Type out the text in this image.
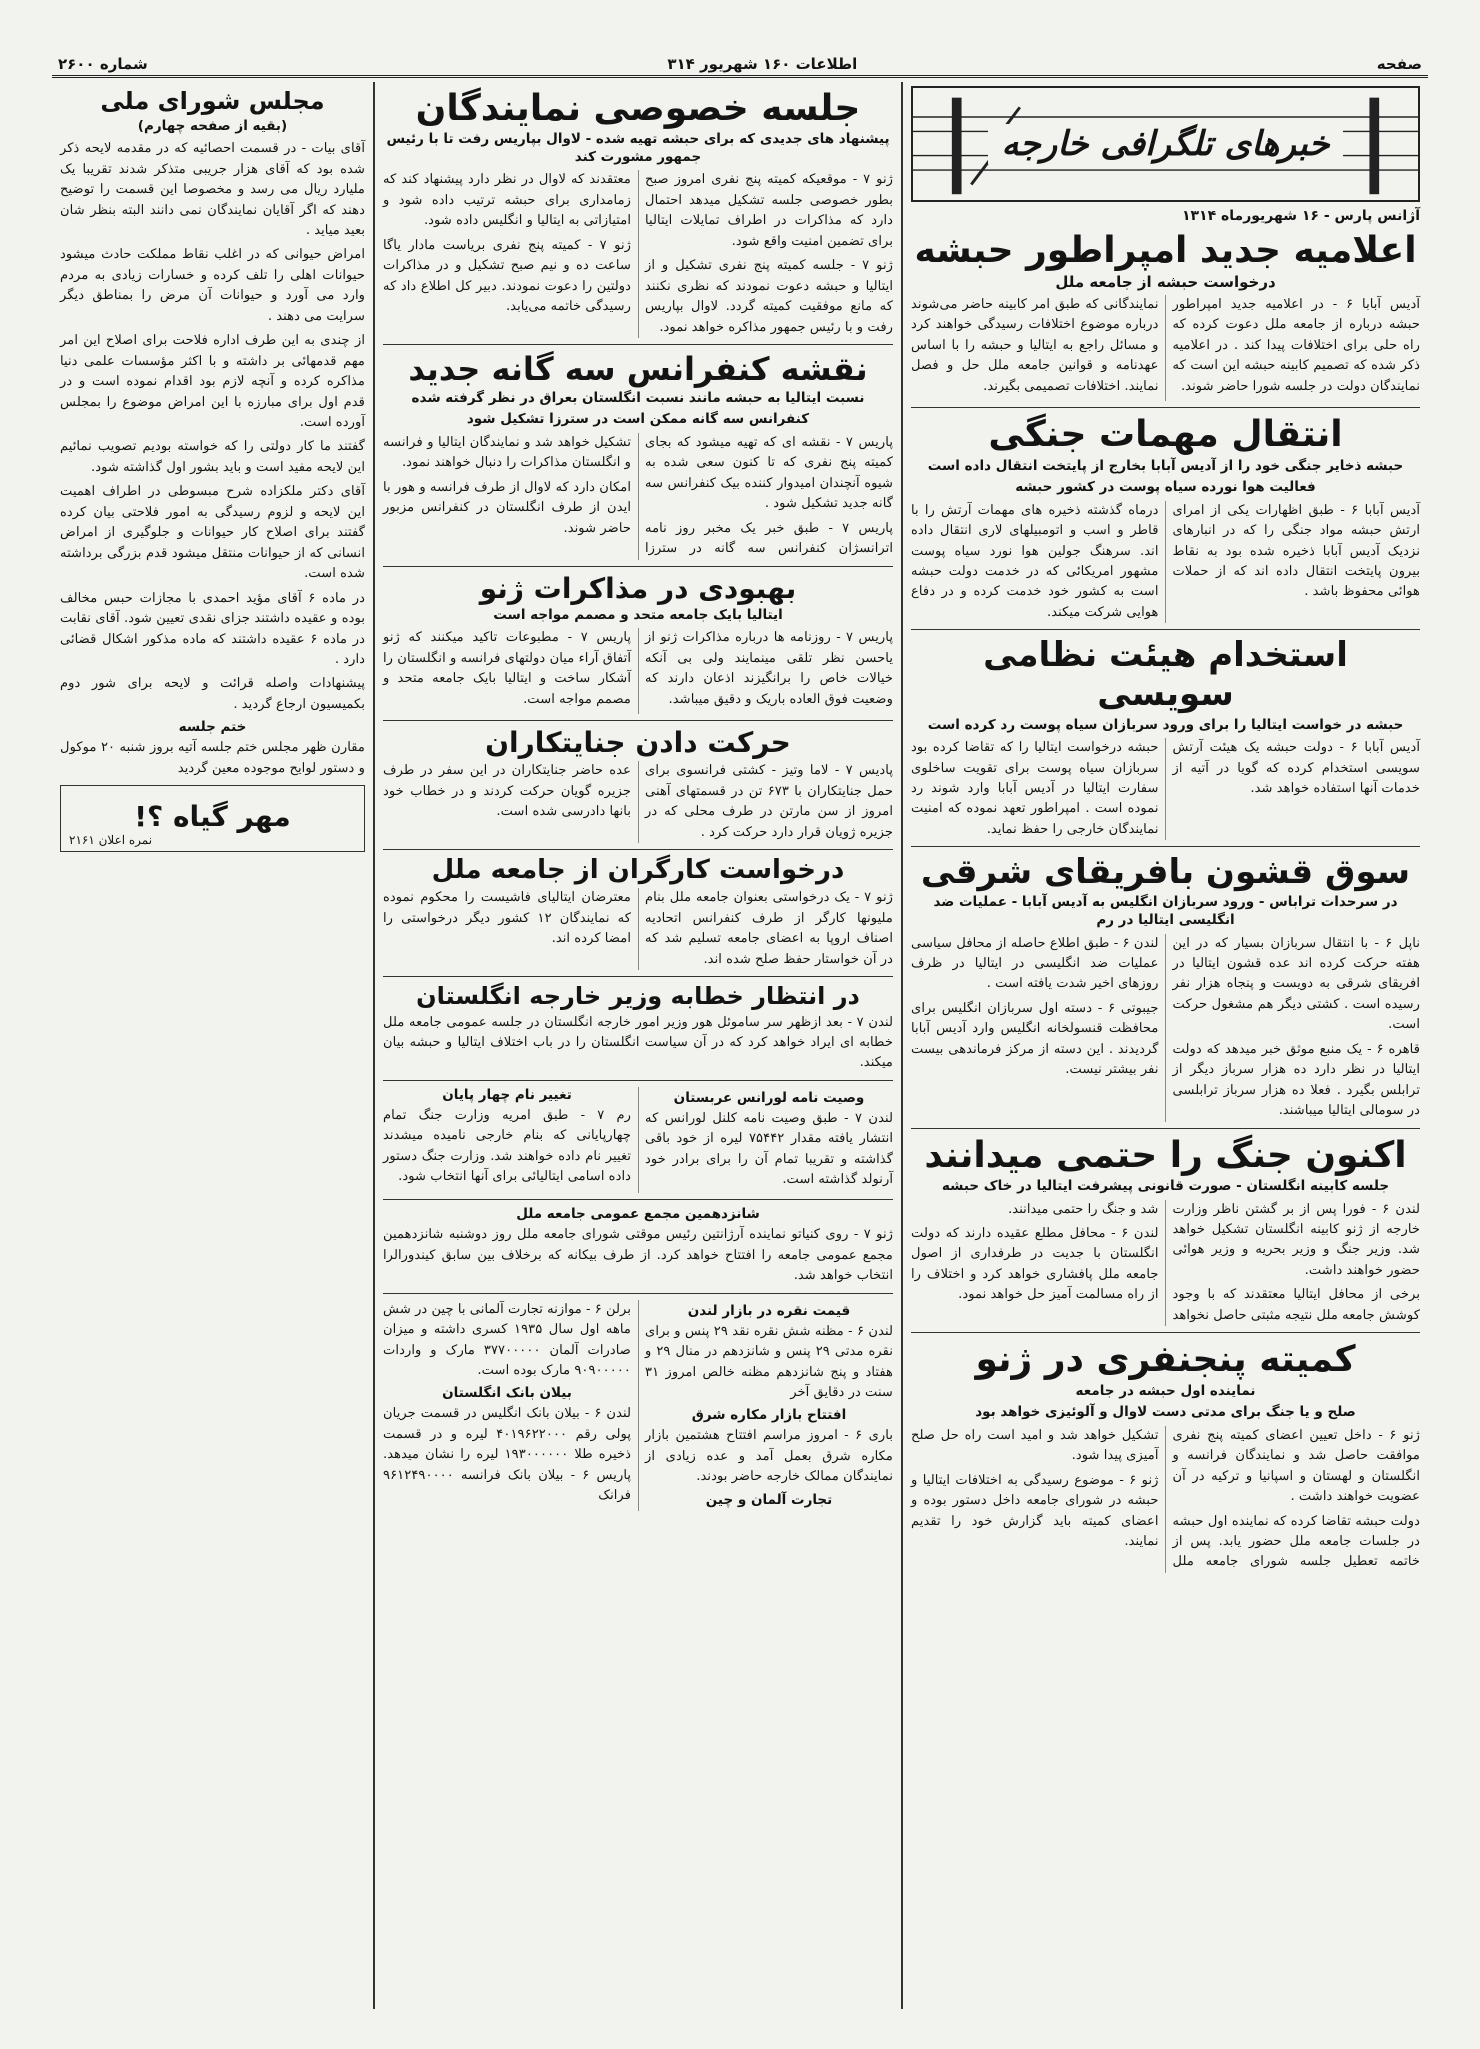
صفحه
اطلاعات ۱۶۰ شهریور ۳۱۴
شماره ۲۶۰۰
خبرهای تلگرافی خارجه
آژانس پارس - ۱۶ شهریورماه ۱۳۱۴
اعلامیه جدید امپراطور حبشه
درخواست حبشه از جامعه ملل

آدیس آبابا ۶ - در اعلامیه جدید امپراطور حبشه درباره از جامعه ملل دعوت کرده که راه حلی برای اختلافات پیدا کند . در اعلامیه ذکر شده که تصمیم کابینه حبشه این است که نمایندگان دولت در جلسه شورا حاضر شوند.

نمایندگانی که طبق امر کابینه حاضر می‌شوند درباره موضوع اختلافات رسیدگی خواهند کرد و مسائل راجع به ایتالیا و حبشه را با اساس عهدنامه و قوانین جامعه ملل حل و فصل نمایند. اختلافات تصمیمی بگیرند.

انتقال مهمات جنگی
حبشه ذخایر جنگی خود را از آدیس آبابا بخارج از پایتخت انتقال داده است
فعالیت هوا نورده سیاه پوست در کشور حبشه

آدیس آبابا ۶ - طبق اظهارات یکی از امرای ارتش حبشه مواد جنگی را که در انبارهای نزدیک آدیس آبابا ذخیره شده بود به نقاط بیرون پایتخت انتقال داده اند که از حملات هوائی محفوظ باشد .

درماه گذشته ذخیره های مهمات آرتش را با قاطر و اسب و اتومبیلهای لاری انتقال داده اند. سرهنگ جولین هوا نورد سیاه پوست مشهور امریکائی که در خدمت دولت حبشه است به کشور خود خدمت کرده و در دفاع هوایی شرکت میکند.

استخدام هیئت نظامی سویسی
حبشه در خواست ایتالیا را برای ورود سربازان سیاه پوست رد کرده است

آدیس آبابا ۶ - دولت حبشه یک هیئت آرتش سویسی استخدام کرده که گویا در آتیه از خدمات آنها استفاده خواهد شد.

حبشه درخواست ایتالیا را که تقاضا کرده بود سربازان سیاه پوست برای تقویت ساخلوی سفارت ایتالیا در آدیس آبابا وارد شوند رد نموده است . امپراطور تعهد نموده که امنیت نمایندگان خارجی را حفظ نماید.

سوق قشون بافریقای شرقی
در سرحدات تراباس - ورود سربازان انگلیس به آدیس آبابا - عملیات ضد انگلیسی ایتالیا در رم

ناپل ۶ - با انتقال سربازان بسیار که در این هفته حرکت کرده اند عده قشون ایتالیا در افریقای شرقی به دویست و پنجاه هزار نفر رسیده است . کشتی دیگر هم مشغول حرکت است.

قاهره ۶ - یک منبع موثق خبر میدهد که دولت ایتالیا در نظر دارد ده هزار سرباز دیگر از ترابلس بگیرد . فعلا ده هزار سرباز ترابلسی در سومالی ایتالیا میباشند.

لندن ۶ - طبق اطلاع حاصله از محافل سیاسی عملیات ضد انگلیسی در ایتالیا در ظرف روزهای اخیر شدت یافته است .

جیبوتی ۶ - دسته اول سربازان انگلیس برای محافظت قنسولخانه انگلیس وارد آدیس آبابا گردیدند . این دسته از مرکز فرماندهی بیست نفر بیشتر نیست.

اکنون جنگ را حتمی میدانند
جلسه کابینه انگلستان - صورت قانونی پیشرفت ایتالیا در خاک حبشه

لندن ۶ - فورا پس از بر گشتن ناظر وزارت خارجه از ژنو کابینه انگلستان تشکیل خواهد شد. وزیر جنگ و وزیر بحریه و وزیر هوائی حضور خواهند داشت.

برخی از محافل ایتالیا معتقدند که با وجود کوشش جامعه ملل نتیجه مثبتی حاصل نخواهد شد و جنگ را حتمی میدانند.

لندن ۶ - محافل مطلع عقیده دارند که دولت انگلستان با جدیت در طرفداری از اصول جامعه ملل پافشاری خواهد کرد و اختلاف را از راه مسالمت آمیز حل خواهد نمود.

کمیته پنجنفری در ژنو
نماینده اول حبشه در جامعه
صلح و یا جنگ برای مدتی دست لاوال و آلوئیزی خواهد بود

ژنو ۶ - داخل تعیین اعضای کمیته پنج نفری موافقت حاصل شد و نمایندگان فرانسه و انگلستان و لهستان و اسپانیا و ترکیه در آن عضویت خواهند داشت .

دولت حبشه تقاضا کرده که نماینده اول حبشه در جلسات جامعه ملل حضور یابد. پس از خاتمه تعطیل جلسه شورای جامعه ملل تشکیل خواهد شد و امید است راه حل صلح آمیزی پیدا شود.

ژنو ۶ - موضوع رسیدگی به اختلافات ایتالیا و حبشه در شورای جامعه داخل دستور بوده و اعضای کمیته باید گزارش خود را تقدیم نمایند.

جلسه خصوصی نمایندگان
پیشنهاد های جدیدی که برای حبشه تهیه شده - لاوال بپاریس رفت تا با رئیس جمهور مشورت کند

ژنو ۷ - موقعیکه کمیته پنج نفری امروز صبح بطور خصوصی جلسه تشکیل میدهد احتمال دارد که مذاکرات در اطراف تمایلات ایتالیا برای تضمین امنیت واقع شود.

ژنو ۷ - جلسه کمیته پنج نفری تشکیل و از ایتالیا و حبشه دعوت نمودند که نظری نکنند که مانع موفقیت کمیته گردد. لاوال بپاریس رفت و با رئیس جمهور مذاکره خواهد نمود.

معتقدند که لاوال در نظر دارد پیشنهاد کند که زمامداری برای حبشه ترتیب داده شود و امتیازاتی به ایتالیا و انگلیس داده شود.

ژنو ۷ - کمیته پنج نفری بریاست مادار یاگا ساعت ده و نیم صبح تشکیل و در مذاکرات دولتین را دعوت نمودند. دبیر کل اطلاع داد که رسیدگی خاتمه می‌یابد.

نقشه کنفرانس سه گانه جدید
نسبت ایتالیا به حبشه مانند نسبت انگلستان بعراق در نظر گرفته شده
کنفرانس سه گانه ممکن است در سترزا تشکیل شود

پاریس ۷ - نقشه ای که تهیه میشود که بجای کمیته پنج نفری که تا کنون سعی شده به شیوه آنچندان امیدوار کننده بیک کنفرانس سه گانه جدید تشکیل شود .

پاریس ۷ - طبق خبر یک مخبر روز نامه اترانسژان کنفرانس سه گانه در سترزا تشکیل خواهد شد و نمایندگان ایتالیا و فرانسه و انگلستان مذاکرات را دنبال خواهند نمود.

امکان دارد که لاوال از طرف فرانسه و هور با ایدن از طرف انگلستان در کنفرانس مزبور حاضر شوند.

بهبودی در مذاکرات ژنو
ایتالیا بایک جامعه متحد و مصمم مواجه است

پاریس ۷ - روزنامه ها درباره مذاکرات ژنو از یاحسن نظر تلقی مینمایند ولی بی آنکه خیالات خاص را برانگیزند اذعان دارند که وضعیت فوق العاده باریک و دقیق میباشد.

پاریس ۷ - مطبوعات تاکید میکنند که ژنو آتفاق آراء میان دولتهای فرانسه و انگلستان را آشکار ساخت و ایتالیا بایک جامعه متحد و مصمم مواجه است.

حرکت دادن جنایتکاران

پادیس ۷ - لاما وتیز - کشتی فرانسوی برای حمل جنایتکاران با ۶۷۳ تن در قسمتهای آهنی امروز از سن مارتن در طرف محلی که در جزیره ژویان قرار دارد حرکت کرد .

عده حاضر جنایتکاران در این سفر در طرف جزیره گویان حرکت کردند و در خطاب خود بانها دادرسی شده است.

درخواست کارگران از جامعه ملل

ژنو ۷ - یک درخواستی بعنوان جامعه ملل بنام ملیونها کارگر از طرف کنفرانس اتحادیه اصناف اروپا به اعضای جامعه تسلیم شد که در آن خواستار حفظ صلح شده اند.

معترضان ایتالیای فاشیست را محکوم نموده که نمایندگان ۱۲ کشور دیگر درخواستی را امضا کرده اند.

در انتظار خطابه وزیر خارجه انگلستان

لندن ۷ - بعد ازظهر سر ساموئل هور وزیر امور خارجه انگلستان در جلسه عمومی جامعه ملل خطابه ای ایراد خواهد کرد که در آن سیاست انگلستان را در باب اختلاف ایتالیا و حبشه بیان میکند.

وصیت نامه لورانس عربستان

لندن ۷ - طبق وصیت نامه کلنل لورانس که انتشار یافته مقدار ۷۵۴۴۲ لیره از خود باقی گذاشته و تقریبا تمام آن را برای برادر خود آرنولد گذاشته است.

تغییر نام چهار پایان

رم ۷ - طبق امریه وزارت جنگ تمام چهارپایانی که بنام خارجی نامیده میشدند تغییر نام داده خواهند شد. وزارت جنگ دستور داده اسامی ایتالیائی برای آنها انتخاب شود.

شانزدهمین مجمع عمومی جامعه ملل

ژنو ۷ - روی کنیاتو نماینده آرژانتین رئیس موقتی شورای جامعه ملل روز دوشنبه شانزدهمین مجمع عمومی جامعه را افتتاح خواهد کرد. از طرف بیکانه که برخلاف بین سابق کیندورالرا انتخاب خواهد شد.

قیمت نقره در بازار لندن

لندن ۶ - مظنه شش نقره نقد ۲۹ پنس و برای نقره مدتی ۲۹ پنس و شانزدهم در منال ۲۹ و هفتاد و پنج شانزدهم مظنه خالص امروز ۳۱ سنت در دقایق آخر

افتتاح بازار مکاره شرق

باری ۶ - امروز مراسم افتتاح هشتمین بازار مکاره شرق بعمل آمد و عده زیادی از نمایندگان ممالک خارجه حاضر بودند.

تجارت آلمان و چین

برلن ۶ - موازنه تجارت آلمانی با چین در شش ماهه اول سال ۱۹۳۵ کسری داشته و میزان صادرات آلمان ۳۷۷۰۰۰۰۰ مارک و واردات ۹۰۹۰۰۰۰۰ مارک بوده است.

بیلان بانک انگلستان

لندن ۶ - بیلان بانک انگلیس در قسمت جریان پولی رقم ۴۰۱۹۶۲۲۰۰۰ لیره و در قسمت ذخیره طلا ۱۹۳۰۰۰۰۰۰ لیره را نشان میدهد. پاریس ۶ - بیلان بانک فرانسه ۹۶۱۲۴۹۰۰۰۰ فرانک

مجلس شورای ملی
(بقیه از صفحه چهارم)

آقای بیات - در قسمت احصائیه که در مقدمه لایحه ذکر شده بود که آقای هزار جریبی متذکر شدند تقریبا یک ملیارد ریال می رسد و مخصوصا این قسمت را توضیح دهند که اگر آقایان نمایندگان نمی دانند البته بنظر شان بعید میاید .

امراض حیوانی که در اغلب نقاط مملکت حادث میشود حیوانات اهلی را تلف کرده و خسارات زیادی به مردم وارد می آورد و حیوانات آن مرض را بمناطق دیگر سرایت می دهند .

از چندی به این طرف اداره فلاحت برای اصلاح این امر مهم قدمهائی بر داشته و با اکثر مؤسسات علمی دنیا مذاکره کرده و آنچه لازم بود اقدام نموده است و در قدم اول برای مبارزه با این امراض موضوع را بمجلس آورده است.

گفتند ما کار دولتی را که خواسته بودیم تصویب نمائیم این لایحه مفید است و باید بشور اول گذاشته شود.

آقای دکتر ملکزاده شرح مبسوطی در اطراف اهمیت این لایحه و لزوم رسیدگی به امور فلاحتی بیان کرده گفتند برای اصلاح کار حیوانات و جلوگیری از امراض انسانی که از حیوانات منتقل میشود قدم بزرگی برداشته شده است.

در ماده ۶ آقای مؤید احمدی با مجازات حبس مخالف بوده و عقیده داشتند جزای نقدی تعیین شود. آقای نقابت در ماده ۶ عقیده داشتند که ماده مذکور اشکال قضائی دارد .

پیشنهادات واصله قرائت و لایحه برای شور دوم بکمیسیون ارجاع گردید .

ختم جلسه

مقارن ظهر مجلس ختم جلسه آتیه بروز شنبه ۲۰ موکول و دستور لوایح موجوده معین گردید

مهر گیاه ؟!
نمره اعلان ۲۱۶۱
